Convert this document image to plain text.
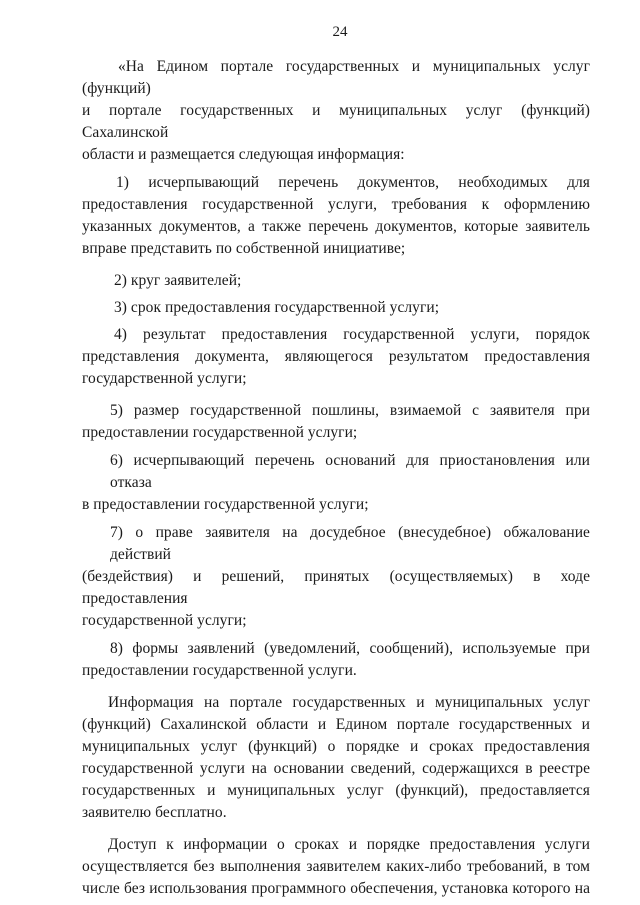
24
«На Едином портале государственных и муниципальных услуг (функций)
и портале государственных и муниципальных услуг (функций) Сахалинской
области и размещается следующая информация:
1) исчерпывающий перечень документов, необходимых для
предоставления государственной услуги, требования к оформлению
указанных документов, а также перечень документов, которые заявитель
вправе представить по собственной инициативе;
2) круг заявителей;
3) срок предоставления государственной услуги;
4) результат предоставления государственной услуги, порядок
представления документа, являющегося результатом предоставления
государственной услуги;
5) размер государственной пошлины, взимаемой с заявителя при
предоставлении государственной услуги;
6) исчерпывающий перечень оснований для приостановления или отказа
в предоставлении государственной услуги;
7) о праве заявителя на досудебное (внесудебное) обжалование действий
(бездействия) и решений, принятых (осуществляемых) в ходе предоставления
государственной услуги;
8) формы заявлений (уведомлений, сообщений), используемые при
предоставлении государственной услуги.
Информация на портале государственных и муниципальных услуг
(функций) Сахалинской области и Едином портале государственных и
муниципальных услуг (функций) о порядке и сроках предоставления
государственной услуги на основании сведений, содержащихся в реестре
государственных и муниципальных услуг (функций), предоставляется
заявителю бесплатно.
Доступ к информации о сроках и порядке предоставления услуги
осуществляется без выполнения заявителем каких-либо требований, в том
числе без использования программного обеспечения, установка которого на
